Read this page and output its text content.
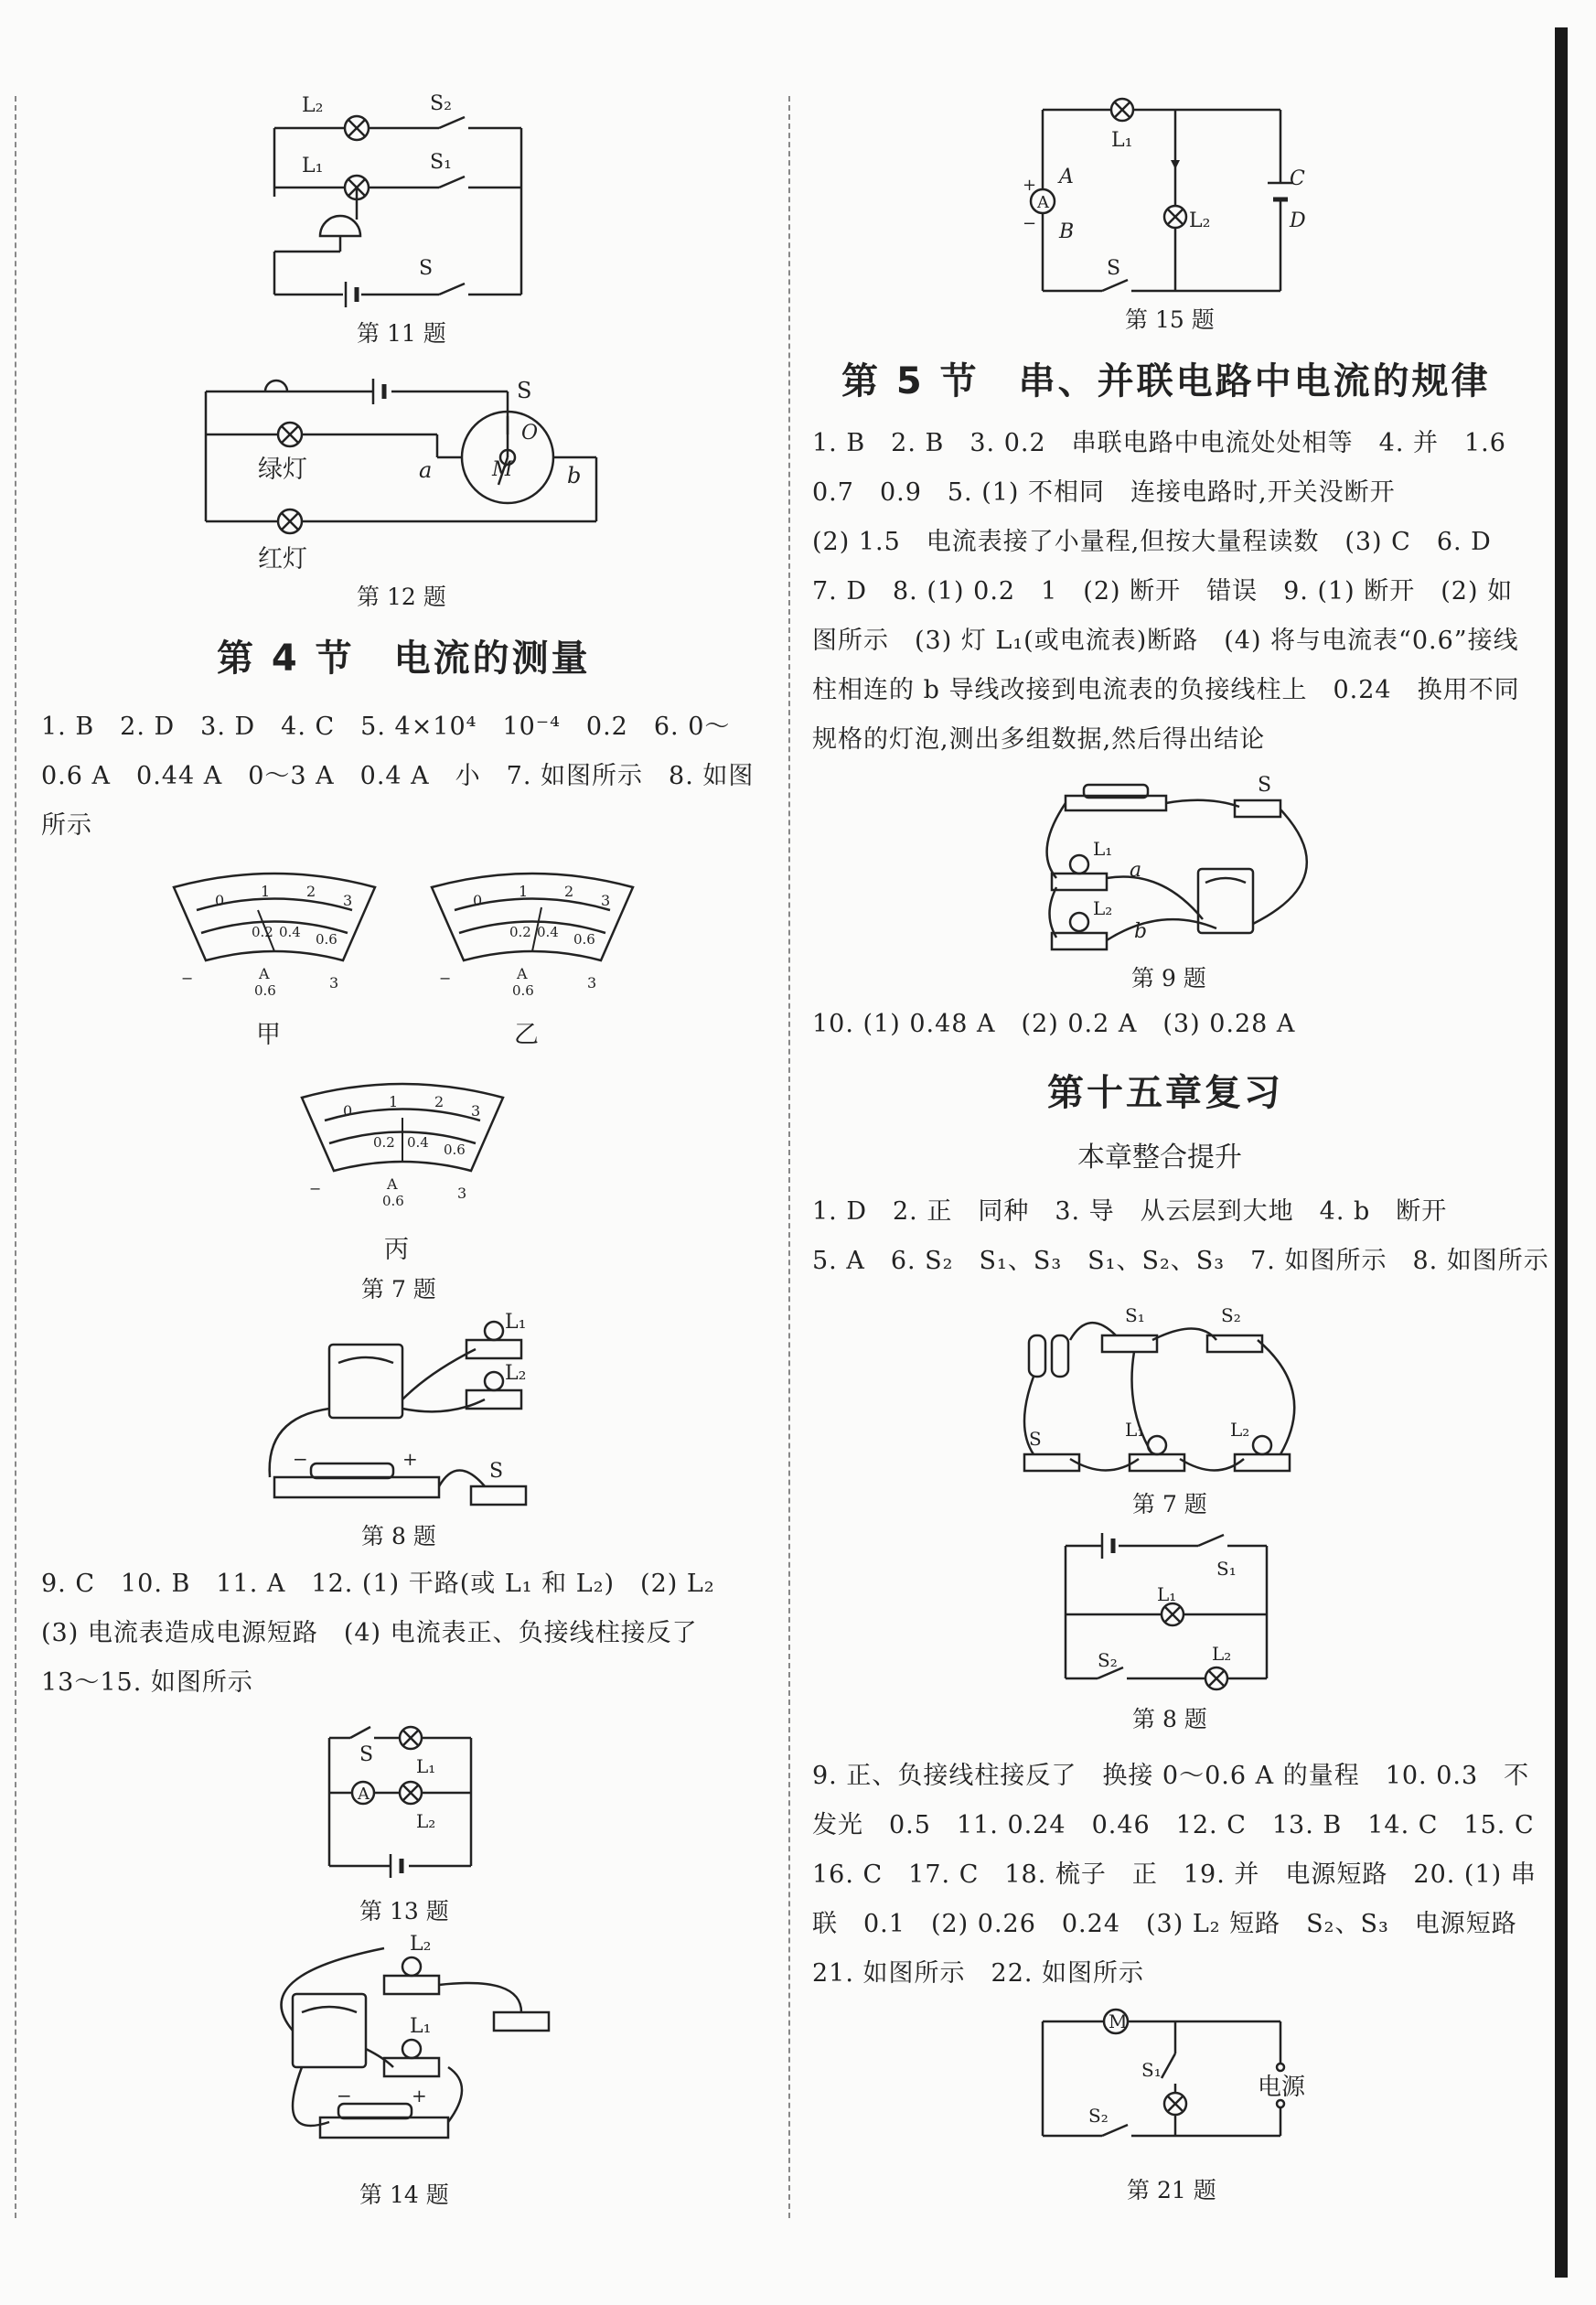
L₂
L₁
S₂
S₁
S
第 11 题
S
O
M
a	b
绿灯
红灯
第 12 题
第 4 节　电流的测量
1. B　2. D　3. D　4. C　5. 4×10⁴　10⁻⁴　0.2　6. 0～
0.6 A　0.44 A　0～3 A　0.4 A　小　7. 如图所示　8. 如图
所示
0
1 2
3
0.2 0.4 0.6
−	A
0.6	3
甲
0
1 2
3
0.2 0.4 0.6
−	A
0.6	3
乙
0
1 2
3
0.2 0.4 0.6
−	A
0.6	3
丙
第 7 题
L₁
L₂
S
−	+
第 8 题
9. C　10. B　11. A　12. (1) 干路(或 L₁ 和 L₂)　(2) L₂
(3) 电流表造成电源短路　(4) 电流表正、负接线柱接反了
13～15. 如图所示
A
S L₁
L₂
第 13 题
L₂
L₁
−	+
第 14 题
A
+
−
A
B
L₁
L₂
C
D
S
第 15 题
第 5 节　串、并联电路中电流的规律
1. B　2. B　3. 0.2　串联电路中电流处处相等　4. 并　1.6
0.7　0.9　5. (1) 不相同　连接电路时,开关没断开
(2) 1.5　电流表接了小量程,但按大量程读数　(3) C　6. D
7. D　8. (1) 0.2　1　(2) 断开　错误　9. (1) 断开　(2) 如
图所示　(3) 灯 L₁(或电流表)断路　(4) 将与电流表“0.6”接线
柱相连的 b 导线改接到电流表的负接线柱上　0.24　换用不同
规格的灯泡,测出多组数据,然后得出结论
L₁
L₂
S
a
b
第 9 题
10. (1) 0.48 A　(2) 0.2 A　(3) 0.28 A
第十五章复习
本章整合提升
1. D　2. 正　同种　3. 导　从云层到大地　4. b　断开
5. A　6. S₂　S₁、S₃　S₁、S₂、S₃　7. 如图所示　8. 如图所示
S₁	S₂
S	L₁	L₂
第 7 题
S₁
L₁
S₂	L₂
第 8 题
9. 正、负接线柱接反了　换接 0～0.6 A 的量程　10. 0.3　不
发光　0.5　11. 0.24　0.46　12. C　13. B　14. C　15. C
16. C　17. C　18. 梳子　正　19. 并　电源短路　20. (1) 串
联　0.1　(2) 0.26　0.24　(3) L₂ 短路　S₂、S₃　电源短路
21. 如图所示　22. 如图所示
M
S₁
S₂
电源
第 21 题
